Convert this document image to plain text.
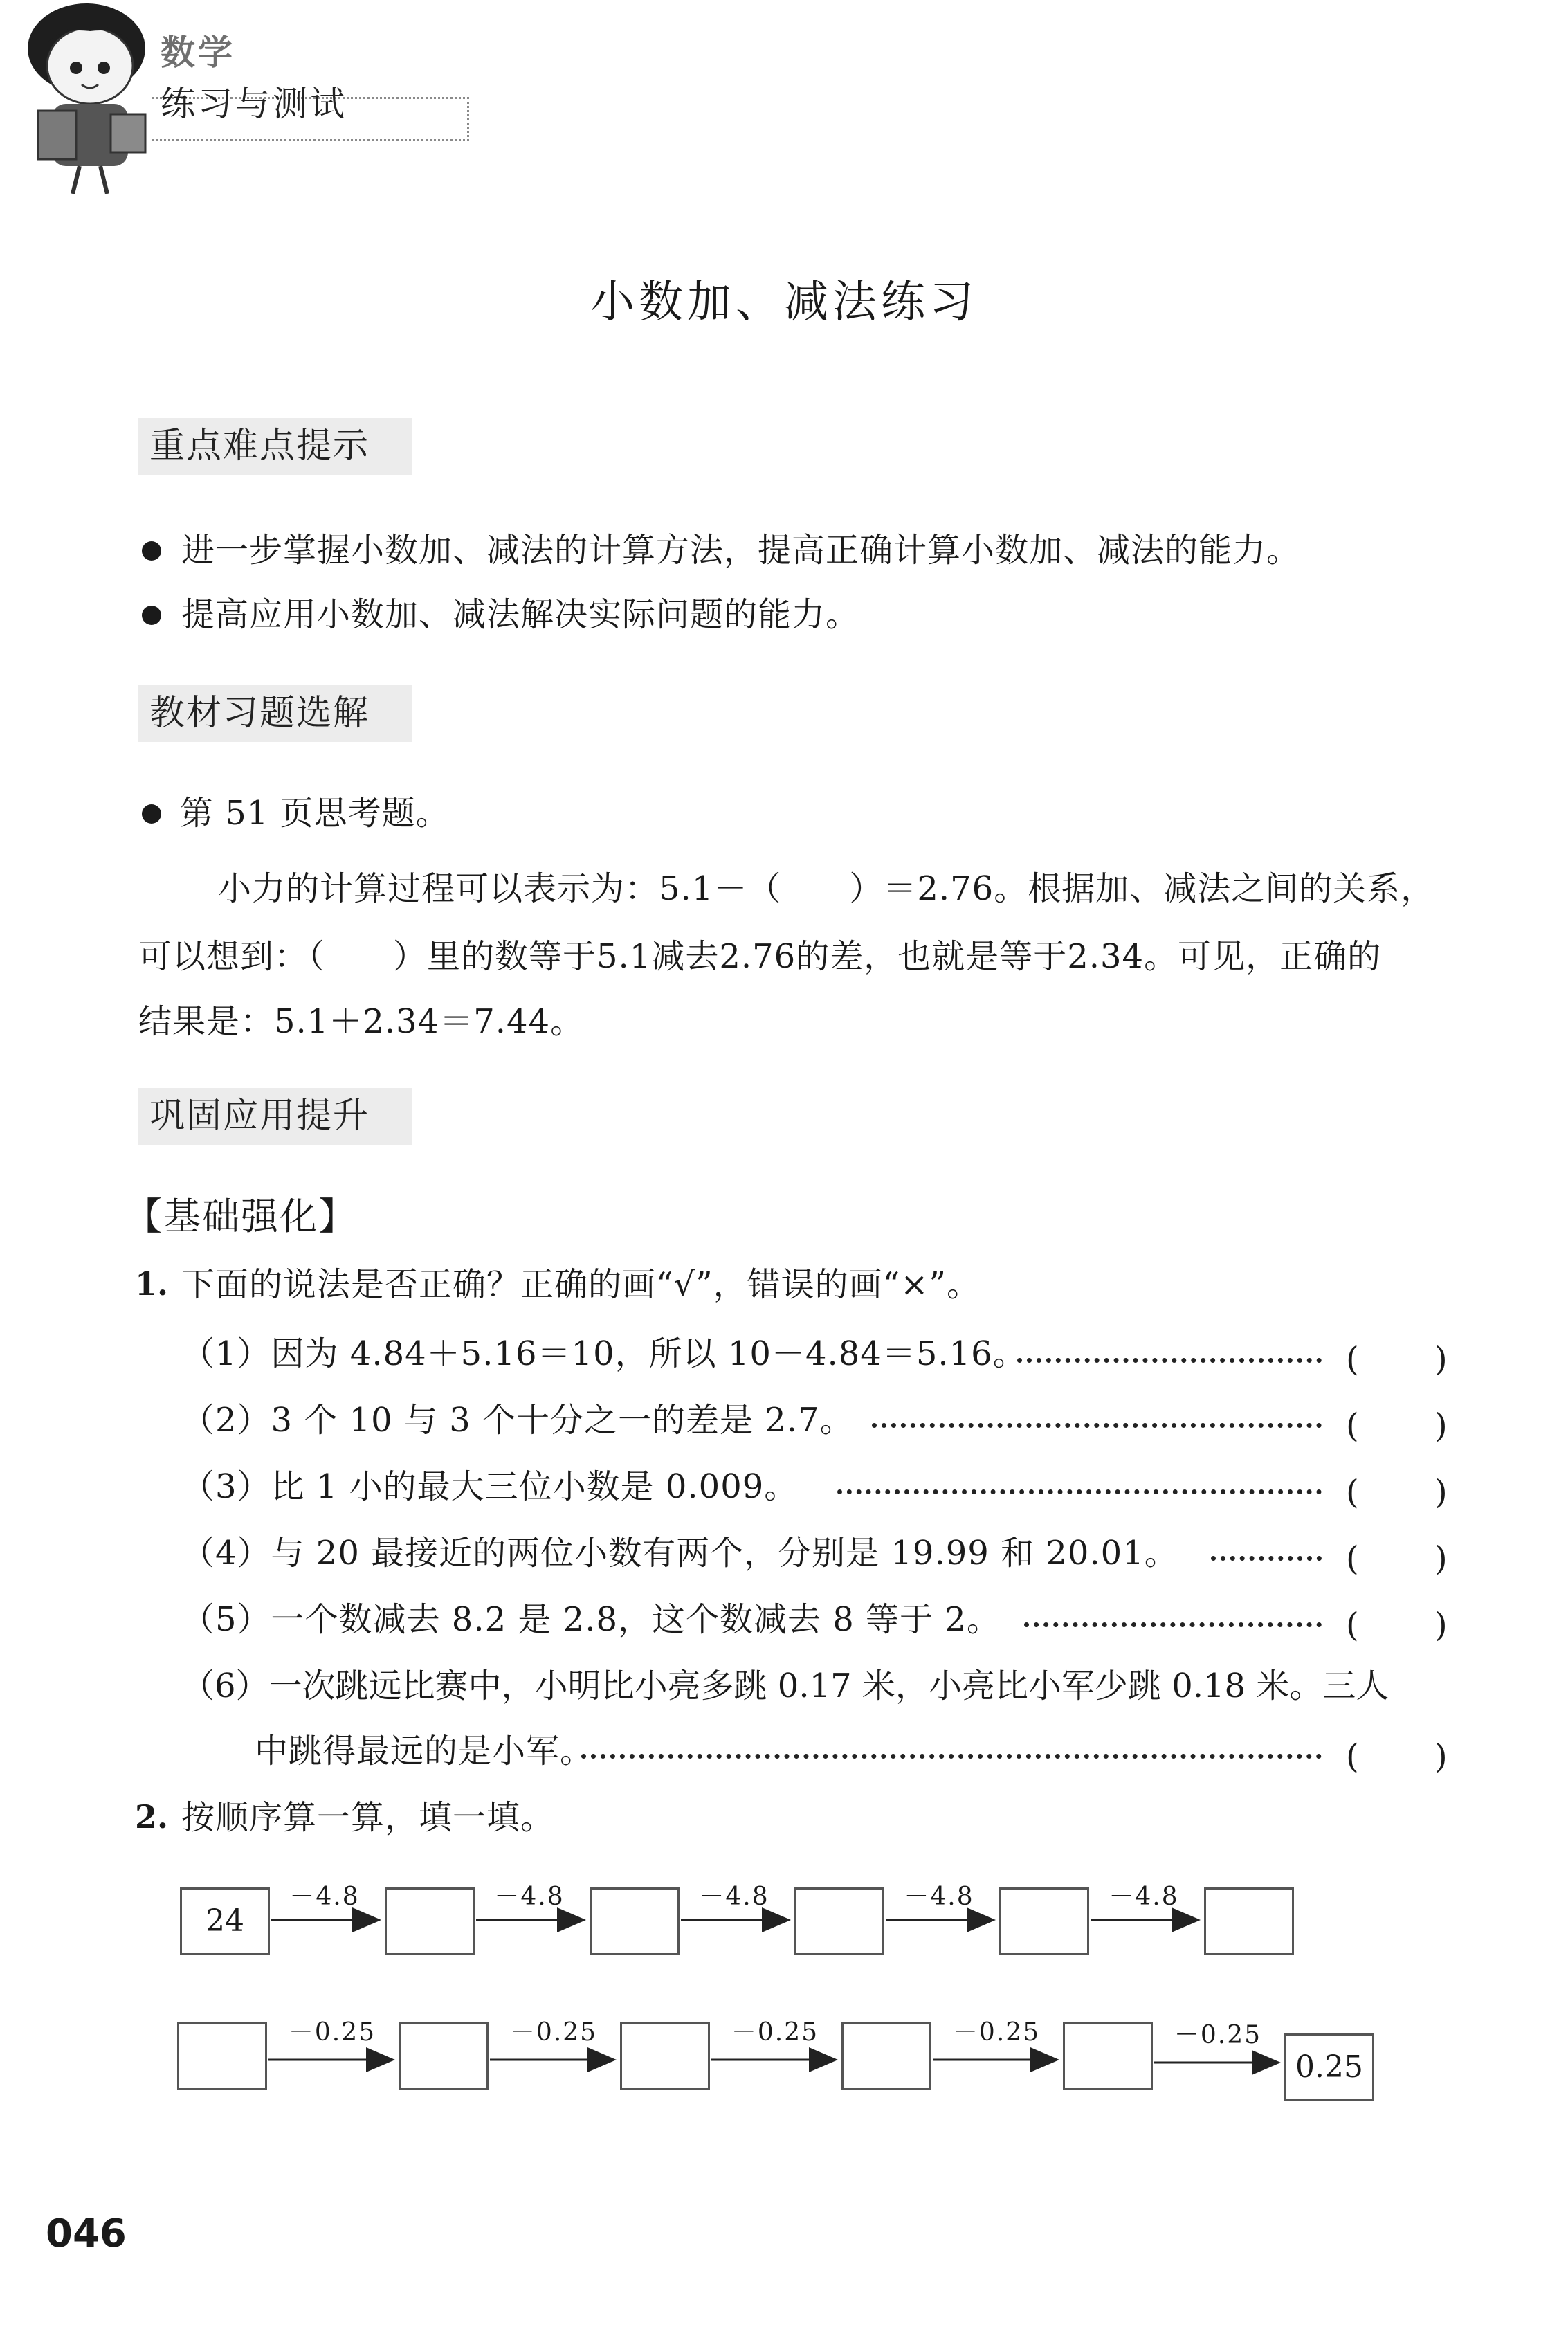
数学
练习与测试
小数加、减法练习
重点难点提示
进一步掌握小数加、减法的计算方法，提高正确计算小数加、减法的能力。
提高应用小数加、减法解决实际问题的能力。
教材习题选解
第 51 页思考题。
小力的计算过程可以表示为：5.1－（　　）＝2.76。根据加、减法之间的关系，
可以想到：（　　）里的数等于5.1减去2.76的差，也就是等于2.34。可见，正确的
结果是：5.1＋2.34＝7.44。
巩固应用提升
【基础强化】
1. 下面的说法是否正确？正确的画“√”，错误的画“×”。
（1）因为 4.84＋5.16＝10，所以 10－4.84＝5.16。	( )
（2）3 个 10 与 3 个十分之一的差是 2.7。	( )
（3）比 1 小的最大三位小数是 0.009。	( )
（4）与 20 最接近的两位小数有两个，分别是 19.99 和 20.01。	( )
（5）一个数减去 8.2 是 2.8，这个数减去 8 等于 2。	( )
（6）一次跳远比赛中，小明比小亮多跳 0.17 米，小亮比小军少跳 0.18 米。三人
中跳得最远的是小军。	( )
2. 按顺序算一算，填一填。
24
－4.8	－4.8	－4.8	－4.8	－4.8
0.25
－0.25	－0.25	－0.25	－0.25	－0.25
046
